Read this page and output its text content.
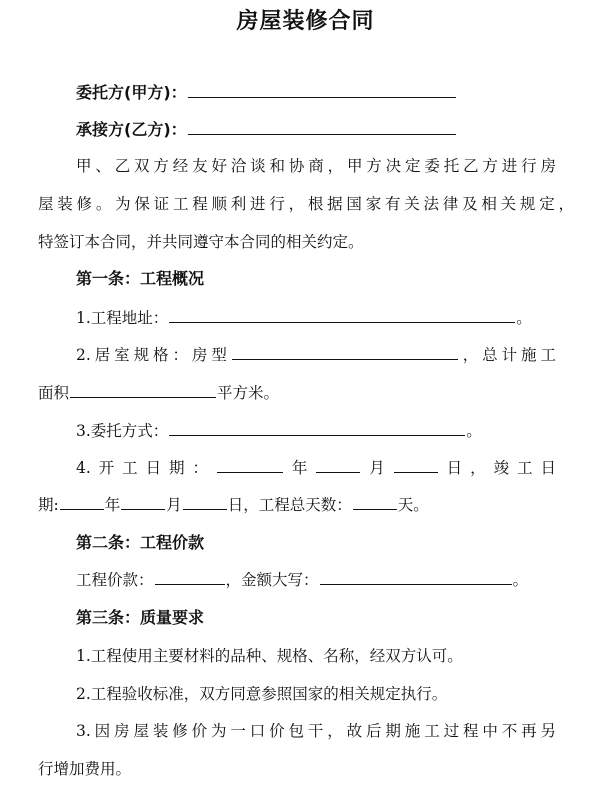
房屋装修合同
委托方(甲方)：
承接方(乙方)：
甲、乙双方经友好洽谈和协商，甲方决定委托乙方进行房
屋装修。为保证工程顺利进行，根据国家有关法律及相关规定，
特签订本合同，并共同遵守本合同的相关约定。
第一条：工程概况
1.工程地址：	。
2.居室规格：房型	，总计施工
面积	平方米。
3.委托方式：	。
4.开工日期：	年	月	日，竣工日
期:	年	月	日，工程总天数：	天。
第二条：工程价款
工程价款：	，金额大写：	。
第三条：质量要求
1.工程使用主要材料的品种、规格、名称，经双方认可。
2.工程验收标准，双方同意参照国家的相关规定执行。
3.因房屋装修价为一口价包干，故后期施工过程中不再另
行增加费用。
